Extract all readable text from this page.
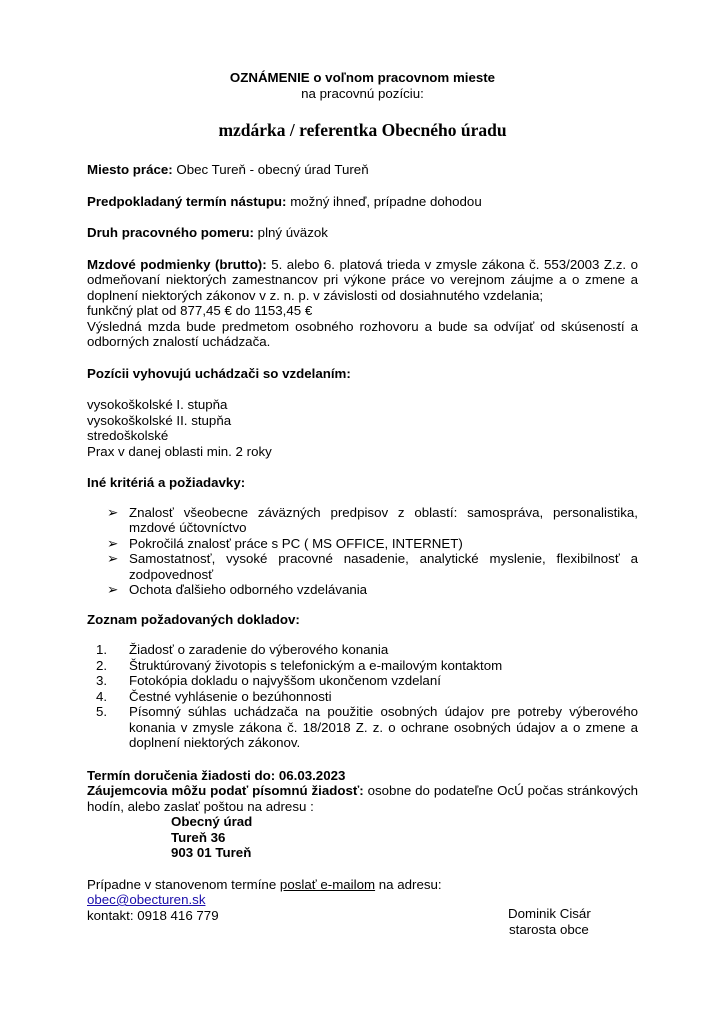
OZNÁMENIE o voľnom pracovnom mieste

na pracovnú pozíciu:

mzdárka / referentka Obecného úradu

Miesto práce: Obec Tureň - obecný úrad Tureň

Predpokladaný termín nástupu: možný ihneď, prípadne dohodou

Druh pracovného pomeru: plný úväzok

Mzdové podmienky (brutto): 5. alebo 6. platová trieda v zmysle zákona č. 553/2003 Z.z. o odmeňovaní niektorých zamestnancov pri výkone práce vo verejnom záujme a o zmene a doplnení niektorých zákonov v z. n. p. v závislosti od dosiahnutého vzdelania;

funkčný plat od 877,45 € do 1153,45 €

Výsledná mzda bude predmetom osobného rozhovoru a bude sa odvíjať od skúseností a odborných znalostí uchádzača.

Pozícii vyhovujú uchádzači so vzdelaním:

vysokoškolské I. stupňa

vysokoškolské II. stupňa

stredoškolské

Prax v danej oblasti min. 2 roky

Iné kritériá a požiadavky:

➢ Znalosť všeobecne záväzných predpisov z oblastí: samospráva, personalistika, mzdové účtovníctvo
➢ Pokročilá znalosť práce s PC ( MS OFFICE, INTERNET)
➢ Samostatnosť, vysoké pracovné nasadenie, analytické myslenie, flexibilnosť a zodpovednosť
➢ Ochota ďalšieho odborného vzdelávania

Zoznam požadovaných dokladov:

1. Žiadosť o zaradenie do výberového konania
2. Štruktúrovaný životopis s telefonickým a e-mailovým kontaktom
3. Fotokópia dokladu o najvyššom ukončenom vzdelaní
4. Čestné vyhlásenie o bezúhonnosti
5. Písomný súhlas uchádzača na použitie osobných údajov pre potreby výberového konania v zmysle zákona č. 18/2018 Z. z. o ochrane osobných údajov a o zmene a doplnení niektorých zákonov.

Termín doručenia žiadosti do: 06.03.2023

Záujemcovia môžu podať písomnú žiadosť: osobne do podateľne OcÚ počas stránkových hodín, alebo zaslať poštou na adresu :

Obecný úrad

Tureň 36

903 01 Tureň

Prípadne v stanovenom termíne poslať e-mailom na adresu:

obec@obecturen.sk

kontakt: 0918 416 779	Dominik Cisár

starosta obce
